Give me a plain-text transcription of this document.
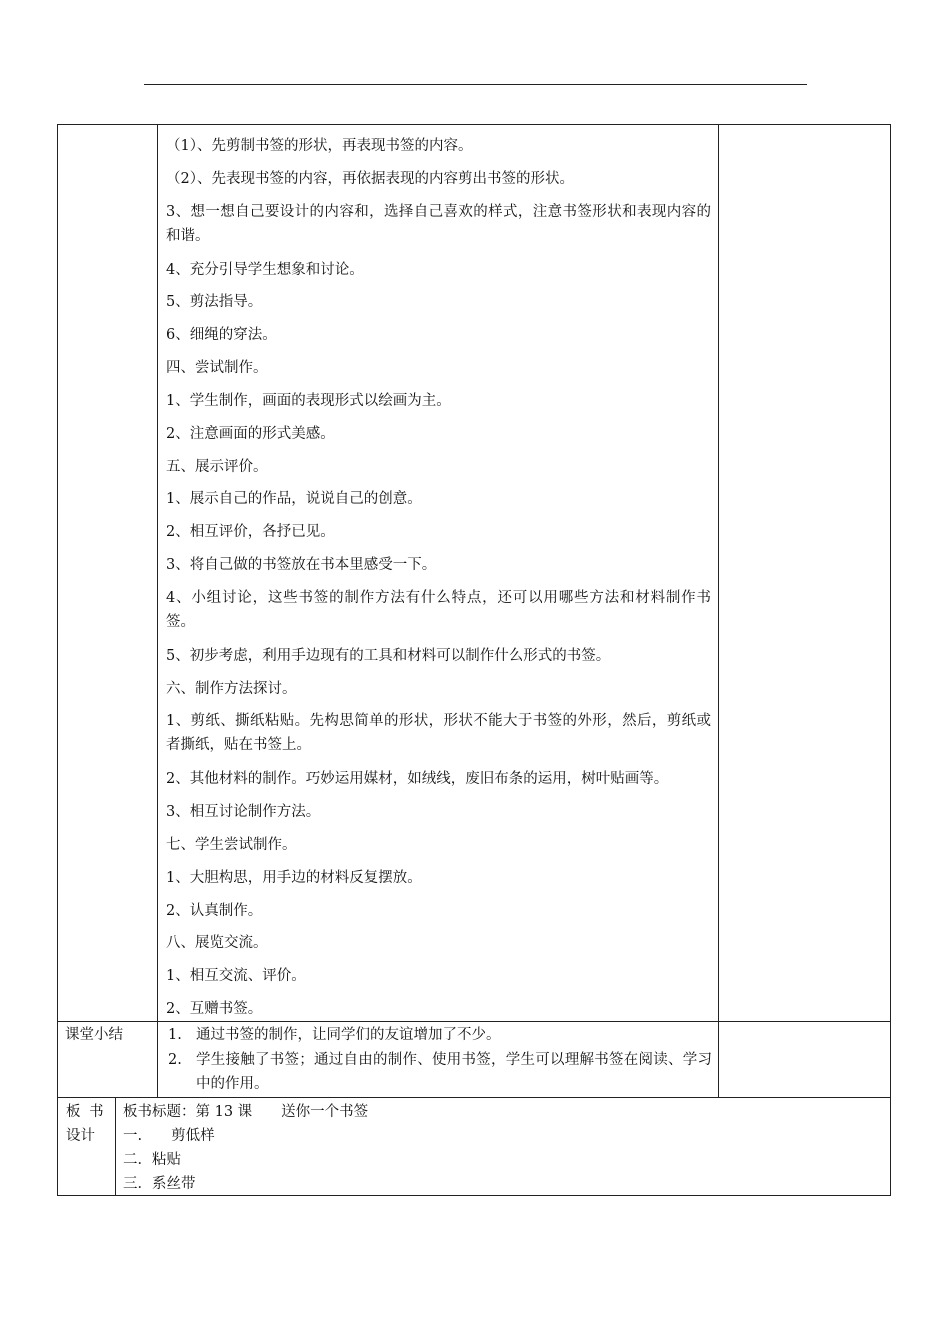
（1）、先剪制书签的形状，再表现书签的内容。
（2）、先表现书签的内容，再依据表现的内容剪出书签的形状。
3、想一想自己要设计的内容和，选择自己喜欢的样式，注意书签形状和表现内容的和谐。
4、充分引导学生想象和讨论。
5、剪法指导。
6、细绳的穿法。
四、尝试制作。
1、学生制作，画面的表现形式以绘画为主。
2、注意画面的形式美感。
五、展示评价。
1、展示自己的作品，说说自己的创意。
2、相互评价，各抒已见。
3、将自己做的书签放在书本里感受一下。
4、小组讨论，这些书签的制作方法有什么特点，还可以用哪些方法和材料制作书签。
5、初步考虑，利用手边现有的工具和材料可以制作什么形式的书签。
六、制作方法探讨。
1、剪纸、撕纸粘贴。先构思简单的形状，形状不能大于书签的外形，然后，剪纸或者撕纸，贴在书签上。
2、其他材料的制作。巧妙运用媒材，如绒线，废旧布条的运用，树叶贴画等。
3、相互讨论制作方法。
七、学生尝试制作。
1、大胆构思，用手边的材料反复摆放。
2、认真制作。
八、展览交流。
1、相互交流、评价。
2、互赠书签。
课堂小结	1. 通过书签的制作，让同学们的友谊增加了不少。
2. 学生接触了书签；通过自由的制作、使用书签，学生可以理解书签在阅读、学习中的作用。
板 书
设计
板书标题：第 13 课　　送你一个书签
一.　　剪低样
二．粘贴
三．系丝带
